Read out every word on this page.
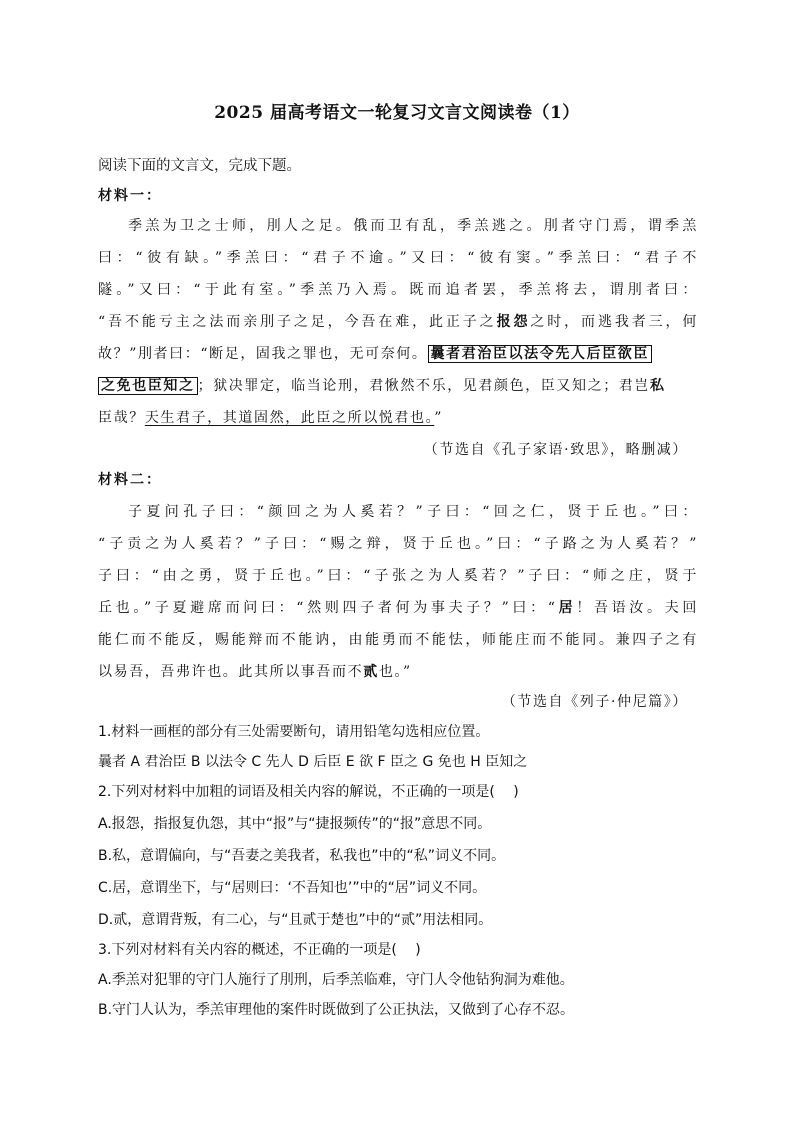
2025 届高考语文一轮复习文言文阅读卷（1）
阅读下面的文言文，完成下题。
材料一：
季羔为卫之士师，刖人之足。俄而卫有乱，季羔逃之。刖者守门焉，谓季羔
曰：“彼有缺。”季羔曰：“君子不逾。”又曰：“彼有窦。”季羔曰：“君子不
隧。”又曰：“于此有室。”季羔乃入焉。既而追者罢，季羔将去，谓刖者曰：
“吾不能亏主之法而亲刖子之足，今吾在难，此正子之报怨之时，而逃我者三，何
故？”刖者曰：“断足，固我之罪也，无可奈何。 曩者君治臣以法令先人后臣欲臣
之免也臣知之 ；狱决罪定，临当论刑，君愀然不乐，见君颜色，臣又知之；君岂私
臣哉？天生君子，其道固然，此臣之所以悦君也。”
（节选自《孔子家语·致思》，略删减）
材料二：
子夏问孔子曰：“颜回之为人奚若？”子曰：“回之仁，贤于丘也。”曰：
“子贡之为人奚若？”子曰：“赐之辩，贤于丘也。”曰：“子路之为人奚若？”
子曰：“由之勇，贤于丘也。”曰：“子张之为人奚若？”子曰：“师之庄，贤于
丘也。”子夏避席而问曰：“然则四子者何为事夫子？”曰：“居！吾语汝。夫回
能仁而不能反，赐能辩而不能讷，由能勇而不能怯，师能庄而不能同。兼四子之有
以易吾，吾弗许也。此其所以事吾而不贰也。”
（节选自《列子·仲尼篇》）
1.材料一画框的部分有三处需要断句，请用铅笔勾选相应位置。
曩者 A 君治臣 B 以法令 C 先人 D 后臣 E 欲 F 臣之 G 免也 H 臣知之
2.下列对材料中加粗的词语及相关内容的解说，不正确的一项是(　 )
A.报怨，指报复仇怨，其中“报”与“捷报频传”的“报”意思不同。
B.私，意谓偏向，与“吾妻之美我者，私我也”中的“私”词义不同。
C.居，意谓坐下，与“居则曰：‘不吾知也’”中的“居”词义不同。
D.贰，意谓背叛，有二心，与“且贰于楚也”中的“贰”用法相同。
3.下列对材料有关内容的概述，不正确的一项是(　 )
A.季羔对犯罪的守门人施行了刖刑，后季羔临难，守门人令他钻狗洞为难他。
B.守门人认为，季羔审理他的案件时既做到了公正执法，又做到了心存不忍。
